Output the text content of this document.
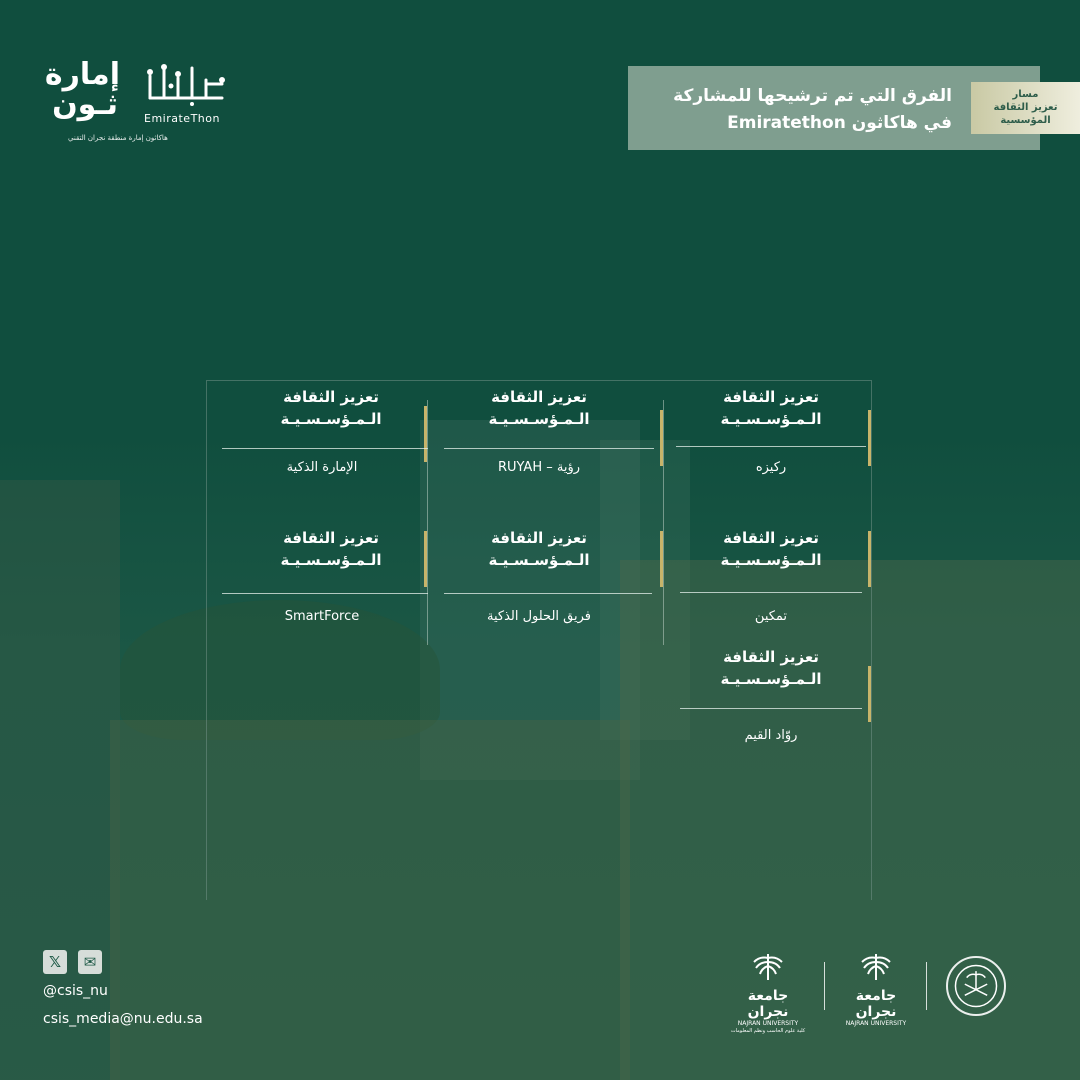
إمارة
ثـون EmirateThon
هاكاثون إمارة منطقة نجران التقني
الفرق التي تم ترشيحها للمشاركة
في هاكاثون Emiratethon
مسار
تعزيز الثقافة
المؤسسية
تعزيز الثقافة
الـمـؤسـسـيـة
ركيزه
تعزيز الثقافة
الـمـؤسـسـيـة
رؤية – RUYAH
تعزيز الثقافة
الـمـؤسـسـيـة
الإمارة الذكية
تعزيز الثقافة
الـمـؤسـسـيـة
تمكين
تعزيز الثقافة
الـمـؤسـسـيـة
فريق الحلول الذكية
تعزيز الثقافة
الـمـؤسـسـيـة
SmartForce
تعزيز الثقافة
الـمـؤسـسـيـة
روّاد القيم
𝕏	✉
@csis_nu
csis_media@nu.edu.sa
جامعة نجران
NAJRAN UNIVERSITY
كلية علوم الحاسب ونظم المعلومات
جامعة نجران
NAJRAN UNIVERSITY
